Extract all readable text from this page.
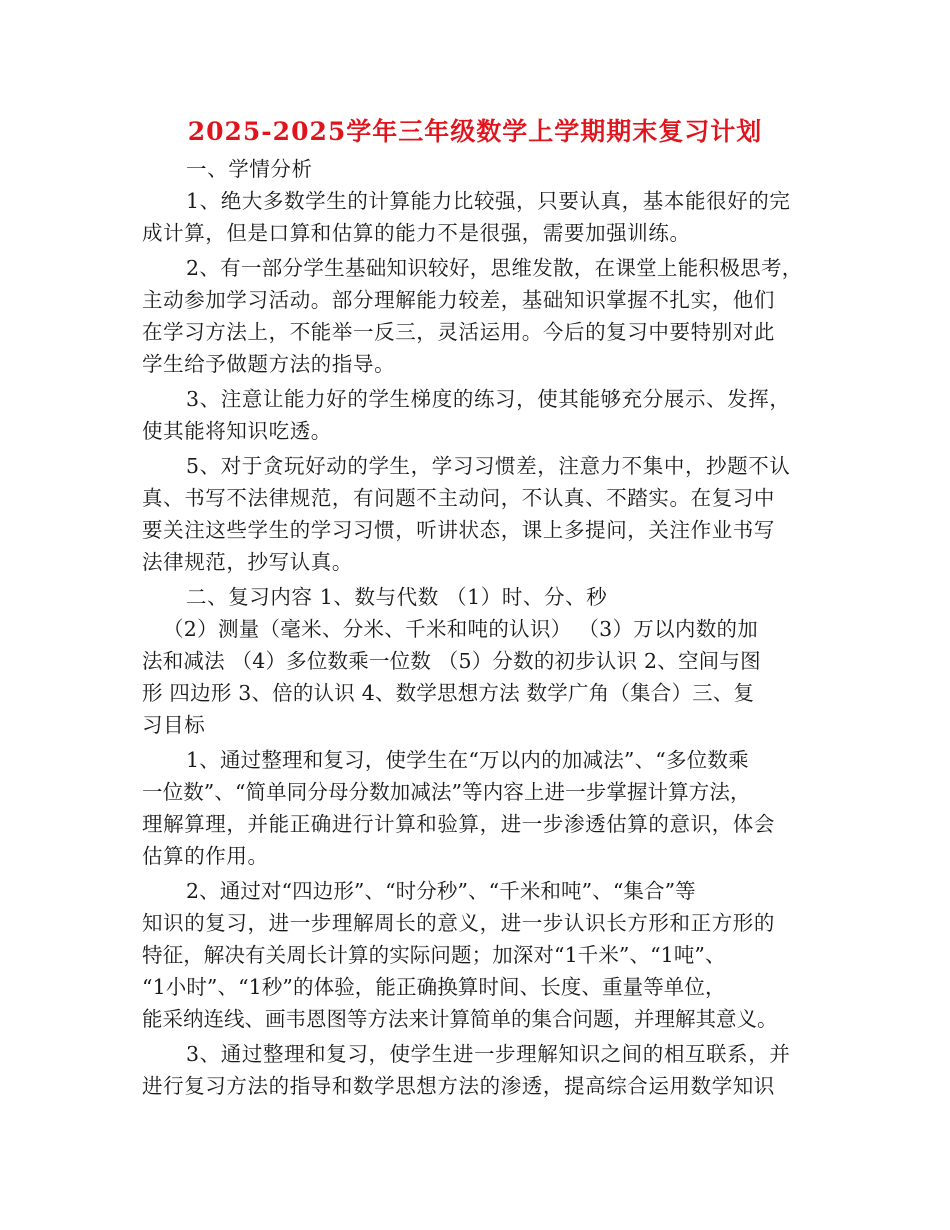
2025-2025学年三年级数学上学期期末复习计划
一、学情分析
1、绝大多数学生的计算能力比较强，只要认真，基本能很好的完
成计算，但是口算和估算的能力不是很强，需要加强训练。
2、有一部分学生基础知识较好，思维发散，在课堂上能积极思考，
主动参加学习活动。部分理解能力较差，基础知识掌握不扎实，他们
在学习方法上，不能举一反三，灵活运用。今后的复习中要特别对此
学生给予做题方法的指导。
3、注意让能力好的学生梯度的练习，使其能够充分展示、发挥，
使其能将知识吃透。
5、对于贪玩好动的学生，学习习惯差，注意力不集中，抄题不认
真、书写不法律规范，有问题不主动问，不认真、不踏实。在复习中
要关注这些学生的学习习惯，听讲状态，课上多提问，关注作业书写
法律规范，抄写认真。
二、复习内容 1、数与代数 （1）时、分、秒
（2）测量（毫米、分米、千米和吨的认识） （3）万以内数的加
法和减法 （4）多位数乘一位数 （5）分数的初步认识 2、空间与图
形 四边形 3、倍的认识 4、数学思想方法 数学广角（集合）三、复
习目标
1、通过整理和复习，使学生在“万以内的加减法”、“多位数乘
一位数”、“简单同分母分数加减法”等内容上进一步掌握计算方法，
理解算理，并能正确进行计算和验算，进一步渗透估算的意识，体会
估算的作用。
2、通过对“四边形”、“时分秒”、“千米和吨”、“集合”等
知识的复习，进一步理解周长的意义，进一步认识长方形和正方形的
特征，解决有关周长计算的实际问题；加深对“1千米”、“1吨”、
“1小时”、“1秒”的体验，能正确换算时间、长度、重量等单位，
能采纳连线、画韦恩图等方法来计算简单的集合问题，并理解其意义。
3、通过整理和复习，使学生进一步理解知识之间的相互联系，并
进行复习方法的指导和数学思想方法的渗透，提高综合运用数学知识
